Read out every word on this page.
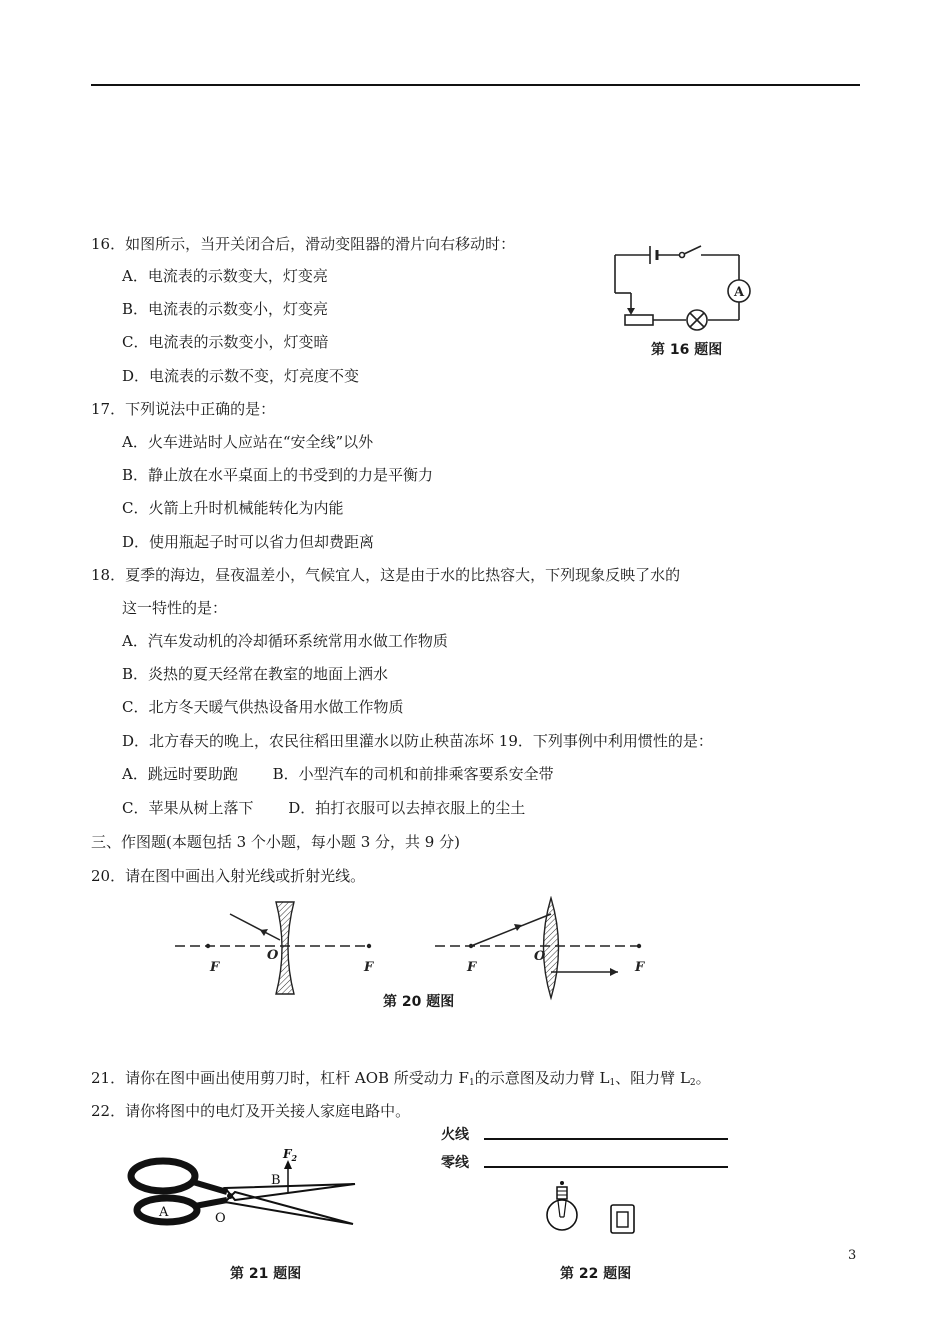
16．如图所示，当开关闭合后，滑动变阻器的滑片向右移动时：
A．电流表的示数变大，灯变亮
B．电流表的示数变小，灯变亮
C．电流表的示数变小，灯变暗
D．电流表的示数不变，灯亮度不变
A
第 16 题图
17．下列说法中正确的是：
A．火车进站时人应站在“安全线”以外
B．静止放在水平桌面上的书受到的力是平衡力
C．火箭上升时机械能转化为内能
D．使用瓶起子时可以省力但却费距离
18．夏季的海边，昼夜温差小，气候宜人，这是由于水的比热容大，下列现象反映了水的
这一特性的是：
A．汽车发动机的冷却循环系统常用水做工作物质
B．炎热的夏天经常在教室的地面上洒水
C．北方冬天暖气供热设备用水做工作物质
D．北方春天的晚上，农民往稻田里灌水以防止秧苗冻坏 19．下列事例中利用惯性的是：
A．跳远时要助跑　　 B．小型汽车的司机和前排乘客要系安全带
C．苹果从树上落下　　 D．拍打衣服可以去掉衣服上的尘土
三、作图题(本题包括 3 个小题，每小题 3 分，共 9 分)
20．请在图中画出入射光线或折射光线。
F
O
F	F
O
F
第 20 题图
21．请你在图中画出使用剪刀时，杠杆 AOB 所受动力 $F_1$的示意图及动力臂 $L_1$、阻力臂 $L_2$。
22．请你将图中的电灯及开关接人家庭电路中。
$F_2$
B
A	O
第 21 题图
火线
零线
第 22 题图
3
